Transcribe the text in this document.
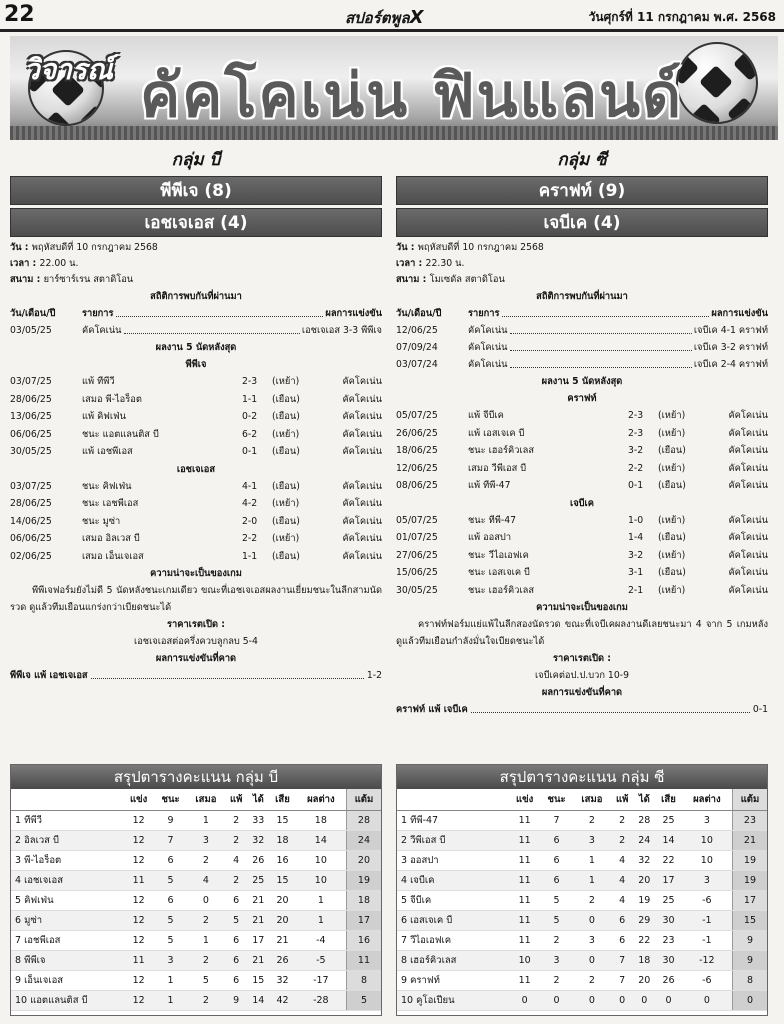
22	สปอร์ตพูลX	วันศุกร์ที่ 11 กรกฎาคม พ.ศ. 2568
วิจารณ์ คัคโคเน่น ฟินแลนด์
กลุ่ม บี
พีพีเจ (8)
เอชเจเอส (4)
วัน : พฤหัสบดีที่ 10 กรกฎาคม 2568
เวลา : 22.00 น.
สนาม : ยาร์ซาร์เรน สตาดิโอน
สถิติการพบกันที่ผ่านมา
วัน/เดือน/ปี	รายการ	ผลการแข่งขัน
03/05/25	คัคโคเน่น	เอชเจเอส 3-3 พีพีเจ
ผลงาน 5 นัดหลังสุด
พีพีเจ
03/07/25	แพ้ ทีพีวี	2-3	(เหย้า)	คัคโคเน่น
28/06/25	เสมอ พี-ไอร็อต	1-1	(เยือน)	คัคโคเน่น
13/06/25	แพ้ คิฟเฟ่น	0-2	(เยือน)	คัคโคเน่น
06/06/25	ชนะ แอตแลนติส บี	6-2	(เหย้า)	คัคโคเน่น
30/05/25	แพ้ เอชพีเอส	0-1	(เยือน)	คัคโคเน่น
เอชเจเอส
03/07/25	ชนะ คิฟเฟ่น	4-1	(เยือน)	คัคโคเน่น
28/06/25	ชนะ เอชพีเอส	4-2	(เหย้า)	คัคโคเน่น
14/06/25	ชนะ มูซ่า	2-0	(เยือน)	คัคโคเน่น
06/06/25	เสมอ อิลเวส บี	2-2	(เหย้า)	คัคโคเน่น
02/06/25	เสมอ เอ็นเจเอส	1-1	(เยือน)	คัคโคเน่น
ความน่าจะเป็นของเกม
พีพีเจฟอร์มยังไม่ดี 5 นัดหลังชนะเกมเดียว ขณะที่เอชเจเอสผลงานเยี่ยมชนะในลีกสามนัดรวด ดูแล้วทีมเยือนแกร่งกว่าเบียดชนะได้
ราคาเรตเปิด :
เอชเจเอสต่อครึ่งควบลูกลบ 5-4
ผลการแข่งขันที่คาด
พีพีเจ แพ้ เอชเจเอส	1-2
กลุ่ม ซี
คราฟท์ (9)
เจบีเค (4)
วัน : พฤหัสบดีที่ 10 กรกฎาคม 2568
เวลา : 22.30 น.
สนาม : โมเซดัล สตาดิโอน
สถิติการพบกันที่ผ่านมา
วัน/เดือน/ปี	รายการ	ผลการแข่งขัน
12/06/25	คัคโคเน่น	เจบีเค 4-1 คราฟท์
07/09/24	คัคโคเน่น	เจบีเค 3-2 คราฟท์
03/07/24	คัคโคเน่น	เจบีเค 2-4 คราฟท์
ผลงาน 5 นัดหลังสุด
คราฟท์
05/07/25	แพ้ จีบีเค	2-3	(เหย้า)	คัคโคเน่น
26/06/25	แพ้ เอสเจเค บี	2-3	(เหย้า)	คัคโคเน่น
18/06/25	ชนะ เฮอร์คิวเลส	3-2	(เยือน)	คัคโคเน่น
12/06/25	เสมอ วีพีเอส บี	2-2	(เหย้า)	คัคโคเน่น
08/06/25	แพ้ ทีพี-47	0-1	(เยือน)	คัคโคเน่น
เจบีเค
05/07/25	ชนะ ทีพี-47	1-0	(เหย้า)	คัคโคเน่น
01/07/25	แพ้ ออสปา	1-4	(เยือน)	คัคโคเน่น
27/06/25	ชนะ วีไอเอฟเค	3-2	(เหย้า)	คัคโคเน่น
15/06/25	ชนะ เอสเจเค บี	3-1	(เยือน)	คัคโคเน่น
30/05/25	ชนะ เฮอร์คิวเลส	2-1	(เหย้า)	คัคโคเน่น
ความน่าจะเป็นของเกม
คราฟท์ฟอร์มแย่แพ้ในลีกสองนัดรวด ขณะที่เจบีเคผลงานดีเลยชนะมา 4 จาก 5 เกมหลัง ดูแล้วทีมเยือนกำลังมั่นใจเบียดชนะได้
ราคาเรตเปิด :
เจบีเคต่อป.ป.บวก 10-9
ผลการแข่งขันที่คาด
คราฟท์ แพ้ เจบีเค	0-1
สรุปตารางคะแนน กลุ่ม บี
	แข่ง	ชนะ	เสมอ	แพ้	ได้	เสีย	ผลต่าง	แต้ม
1 ทีพีวี	12	9	1	2	33	15	18	28
2 อิลเวส บี	12	7	3	2	32	18	14	24
3 พี-ไอร็อต	12	6	2	4	26	16	10	20
4 เอชเจเอส	11	5	4	2	25	15	10	19
5 คิฟเฟ่น	12	6	0	6	21	20	1	18
6 มูซ่า	12	5	2	5	21	20	1	17
7 เอชพีเอส	12	5	1	6	17	21	-4	16
8 พีพีเจ	11	3	2	6	21	26	-5	11
9 เอ็นเจเอส	12	1	5	6	15	32	-17	8
10 แอตแลนติส บี	12	1	2	9	14	42	-28	5
สรุปตารางคะแนน กลุ่ม ซี
	แข่ง	ชนะ	เสมอ	แพ้	ได้	เสีย	ผลต่าง	แต้ม
1 ทีพี-47	11	7	2	2	28	25	3	23
2 วีพีเอส บี	11	6	3	2	24	14	10	21
3 ออสปา	11	6	1	4	32	22	10	19
4 เจบีเค	11	6	1	4	20	17	3	19
5 จีบีเค	11	5	2	4	19	25	-6	17
6 เอสเจเค บี	11	5	0	6	29	30	-1	15
7 วีไอเอฟเค	11	2	3	6	22	23	-1	9
8 เฮอร์คิวเลส	10	3	0	7	18	30	-12	9
9 คราฟท์	11	2	2	7	20	26	-6	8
10 คูโอเปียน	0	0	0	0	0	0	0	0
